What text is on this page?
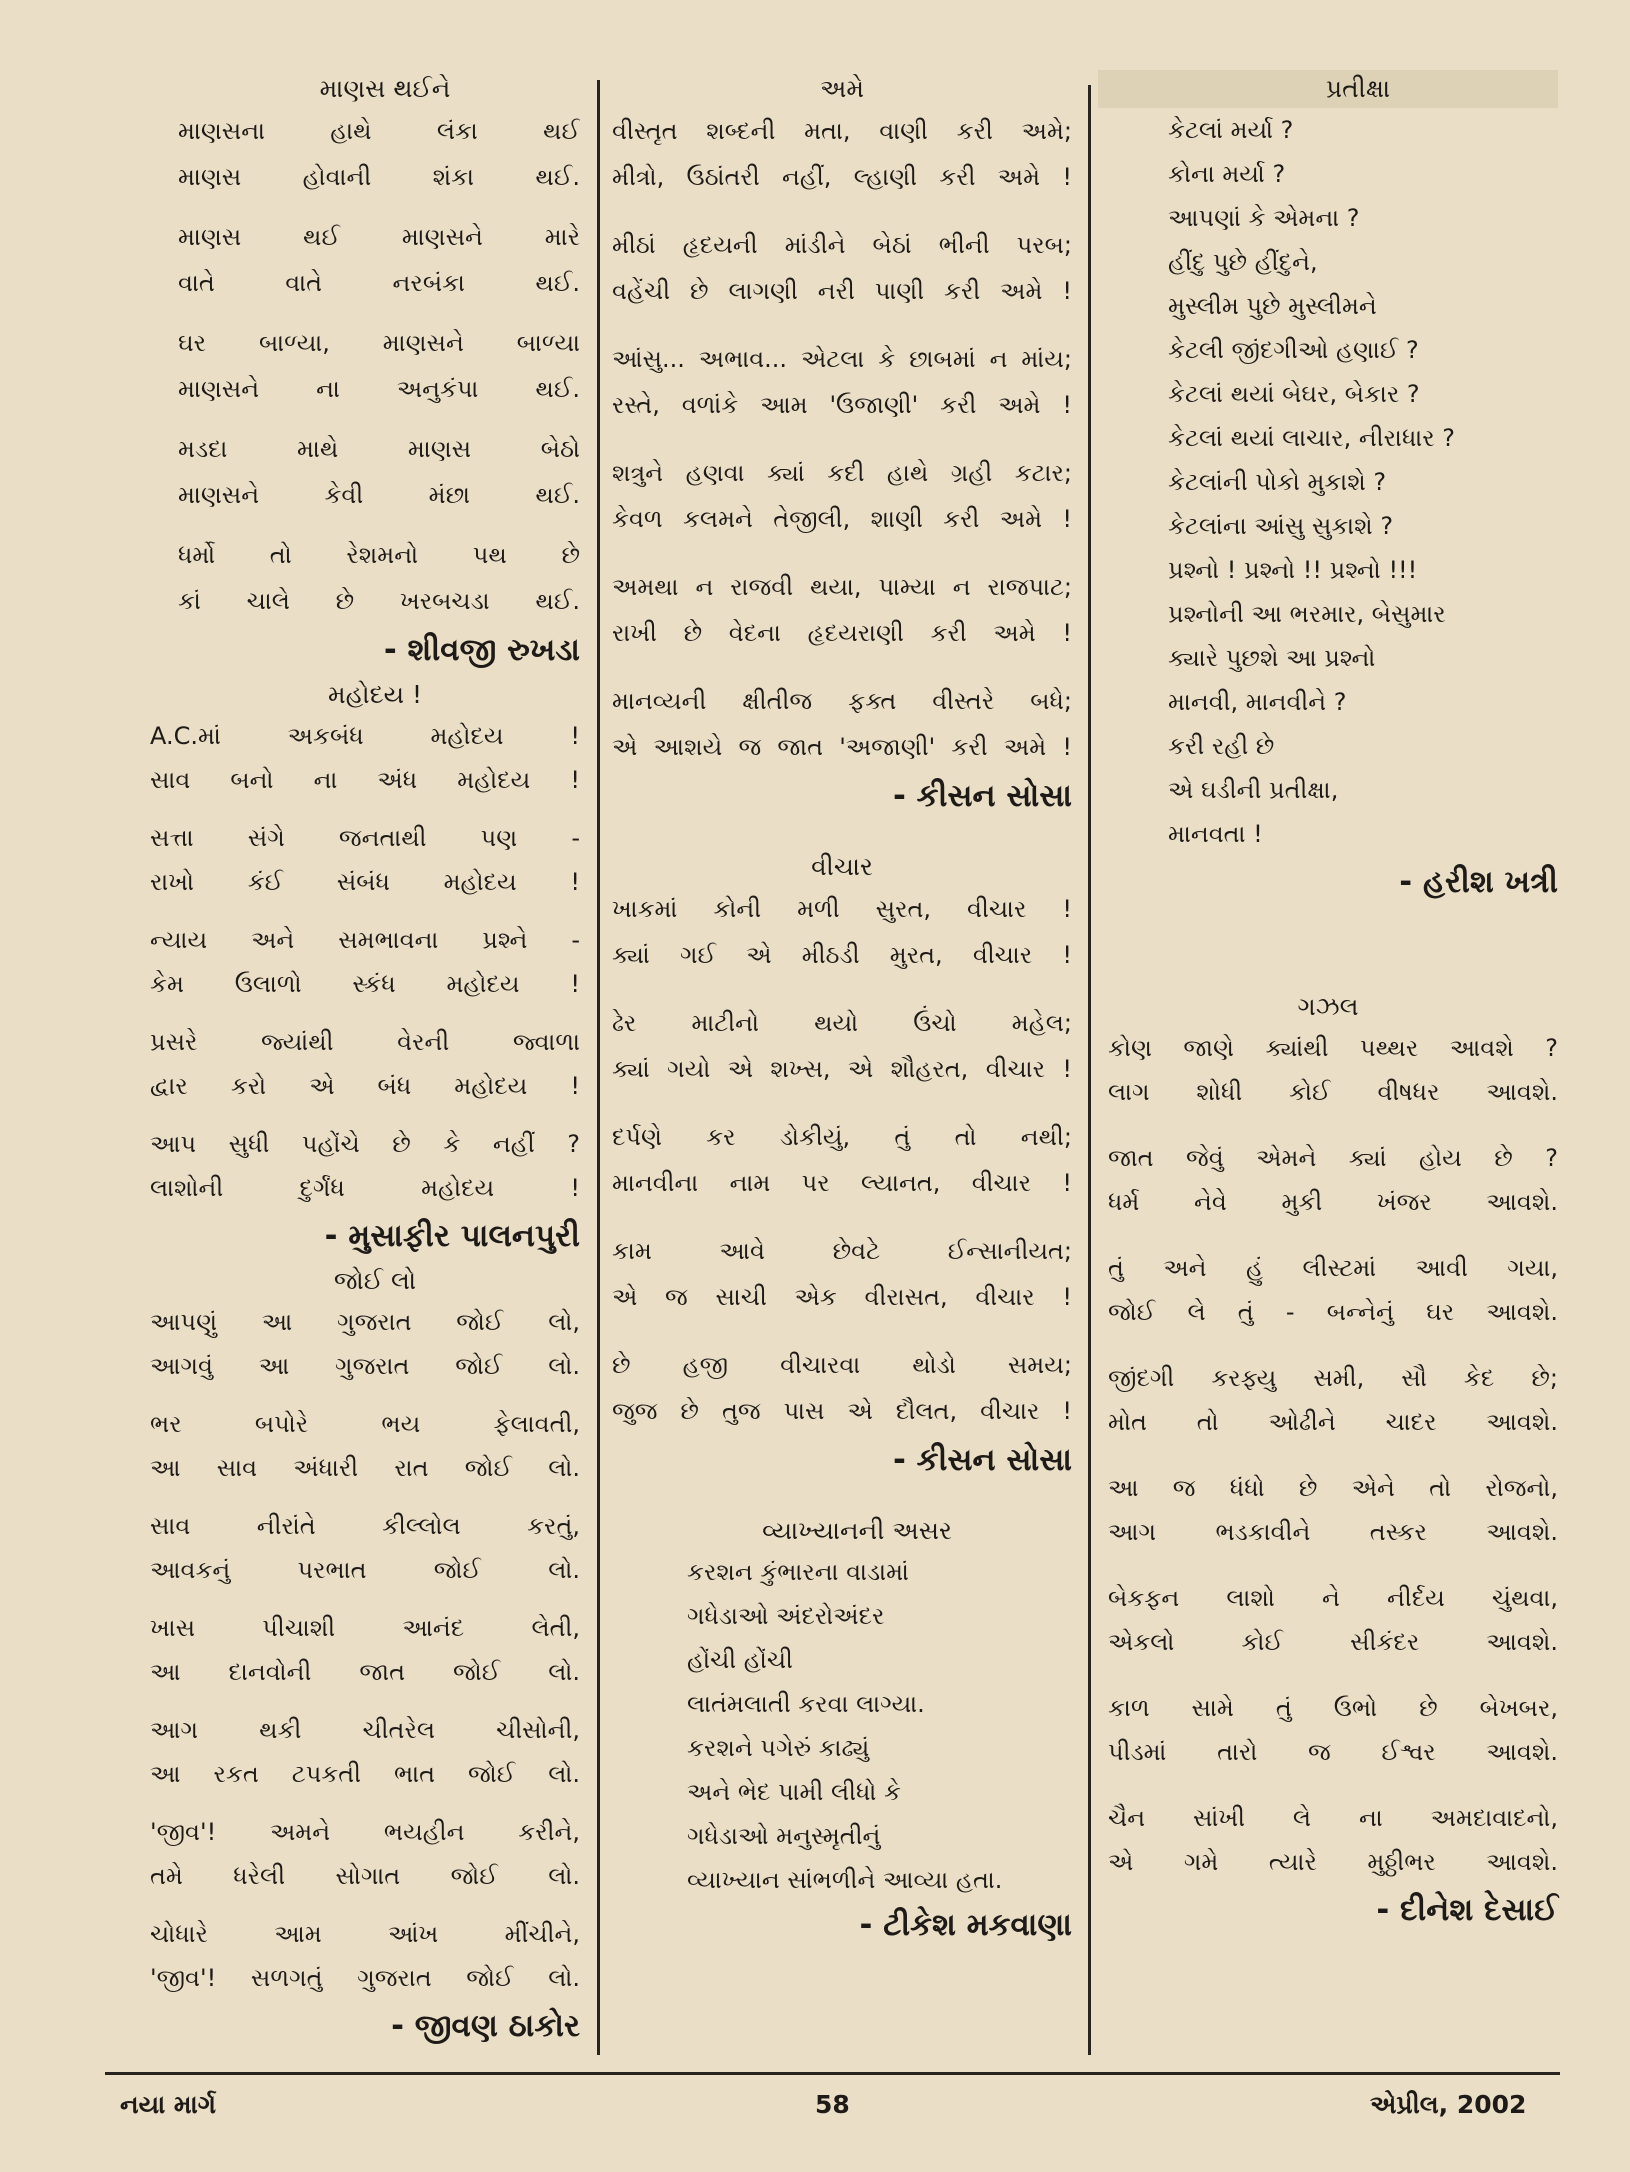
માણસ થઈને

માણસના હાથે લંકા થઈ
માણસ હોવાની શંકા થઈ.
માણસ થઈ માણસને મારે
વાતે વાતે નરબંકા થઈ.
ઘર બાળ્યા, માણસને બાળ્યા
માણસને ના અનુકંપા થઈ.
મડદા માથે માણસ બેઠો
માણસને કેવી મંછા થઈ.
ધર્મો તો રેશમનો પથ છે
કાં ચાલે છે ખરબચડા થઈ.
- શીવજી રુખડા

મહોદય !

A.C.માં અકબંધ મહોદય !
સાવ બનો ના અંધ મહોદય !
સત્તા સંગે જનતાથી પણ -
રાખો કંઈ સંબંધ મહોદય !
ન્યાય અને સમભાવના પ્રશ્ને -
કેમ ઉલાળો સ્કંધ મહોદય !
પ્રસરે જ્યાંથી વેરની જ્વાળા
દ્વાર કરો એ બંધ મહોદય !
આપ સુધી પહોંચે છે કે નહીં ?
લાશોની દુર્ગંધ મહોદય !
- મુસાફીર પાલનપુરી

જોઈ લો

આપણું આ ગુજરાત જોઈ લો,
આગવું આ ગુજરાત જોઈ લો.
ભર બપોરે ભય ફેલાવતી,
આ સાવ અંધારી રાત જોઈ લો.
સાવ નીરાંતે કીલ્લોલ કરતું,
આવકનું પરભાત જોઈ લો.
ખાસ પીચાશી આનંદ લેતી,
આ દાનવોની જાત જોઈ લો.
આગ થકી ચીતરેલ ચીસોની,
આ રકત ટપકતી ભાત જોઈ લો.
'જીવ'! અમને ભયહીન કરીને,
તમે ધરેલી સોગાત જોઈ લો.
ચોધારે આમ આંખ મીંચીને,
'જીવ'! સળગતું ગુજરાત જોઈ લો.
- જીવણ ઠાકોર

અમે

વીસ્તૃત શબ્દની મતા, વાણી કરી અમે;
મીત્રો, ઉઠાંતરી નહીં, લ્હાણી કરી અમે !
મીઠાં હૃદયની માંડીને બેઠાં ભીની પરબ;
વહેંચી છે લાગણી નરી પાણી કરી અમે !
આંસુ... અભાવ... એટલા કે છાબમાં ન માંય;
રસ્તે, વળાંકે આમ 'ઉજાણી' કરી અમે !
શત્રુને હણવા ક્યાં કદી હાથે ગ્રહી કટાર;
કેવળ કલમને તેજીલી, શાણી કરી અમે !
અમથા ન રાજવી થયા, પામ્યા ન રાજપાટ;
રાખી છે વેદના હૃદયરાણી કરી અમે !
માનવ્યની ક્ષીતીજ ફક્ત વીસ્તરે બધે;
એ આશયે જ જાત 'અજાણી' કરી અમે !
- કીસન સોસા

વીચાર

ખાકમાં કોની મળી સુરત, વીચાર !
ક્યાં ગઈ એ મીઠડી મુરત, વીચાર !
ઢેર માટીનો થયો ઉંચો મહેલ;
ક્યાં ગયો એ શખ્સ, એ શૌહરત, વીચાર !
દર્પણે કર ડોકીયું, તું તો નથી;
માનવીના નામ પર લ્યાનત, વીચાર !
કામ આવે છેવટે ઈન્સાનીયત;
એ જ સાચી એક વીરાસત, વીચાર !
છે હજી વીચારવા થોડો સમય;
જુજ છે તુજ પાસ એ દૌલત, વીચાર !
- કીસન સોસા

વ્યાખ્યાનની અસર

કરશન કુંભારના વાડામાં
ગધેડાઓ અંદરોઅંદર
હોંચી હોંચી
લાતંમલાતી કરવા લાગ્યા.
કરશને પગેરું કાઢ્યું
અને ભેદ પામી લીધો કે
ગધેડાઓ મનુસ્મૃતીનું
વ્યાખ્યાન સાંભળીને આવ્યા હતા.
- ટીકેશ મકવાણા

પ્રતીક્ષા

કેટલાં મર્યા ?
કોના મર્યા ?
આપણાં કે એમના ?
હીંદુ પુછે હીંદુને,
મુસ્લીમ પુછે મુસ્લીમને
કેટલી જીંદગીઓ હણાઈ ?
કેટલાં થયાં બેઘર, બેકાર ?
કેટલાં થયાં લાચાર, નીરાધાર ?
કેટલાંની પોકો મુકાશે ?
કેટલાંના આંસુ સુકાશે ?
પ્રશ્નો ! પ્રશ્નો !! પ્રશ્નો !!!
પ્રશ્નોની આ ભરમાર, બેસુમાર
ક્યારે પુછશે આ પ્રશ્નો
માનવી, માનવીને ?
કરી રહી છે
એ ઘડીની પ્રતીક્ષા,
માનવતા !
- હરીશ ખત્રી

ગઝલ

કોણ જાણે ક્યાંથી પથ્થર આવશે ?
લાગ શોધી કોઈ વીષધર આવશે.
જાત જેવું એમને ક્યાં હોય છે ?
ધર્મ નેવે મુકી ખંજર આવશે.
તું અને હું લીસ્ટમાં આવી ગયા,
જોઈ લે તું - બન્નેનું ઘર આવશે.
જીંદગી કરફ્યુ સમી, સૌ કેદ છે;
મોત તો ઓઢીને ચાદર આવશે.
આ જ ધંધો છે એને તો રોજનો,
આગ ભડકાવીને તસ્કર આવશે.
બેકફન લાશો ને નીર્દય ચુંથવા,
એકલો કોઈ સીકંદર આવશે.
કાળ સામે તું ઉભો છે બેખબર,
પીડમાં તારો જ ઈશ્વર આવશે.
ચૈન સાંખી લે ના અમદાવાદનો,
એ ગમે ત્યારે મુઠ્ઠીભર આવશે.
- દીનેશ દેસાઈ
નયા માર્ગ	58	એપ્રીલ, 2002
